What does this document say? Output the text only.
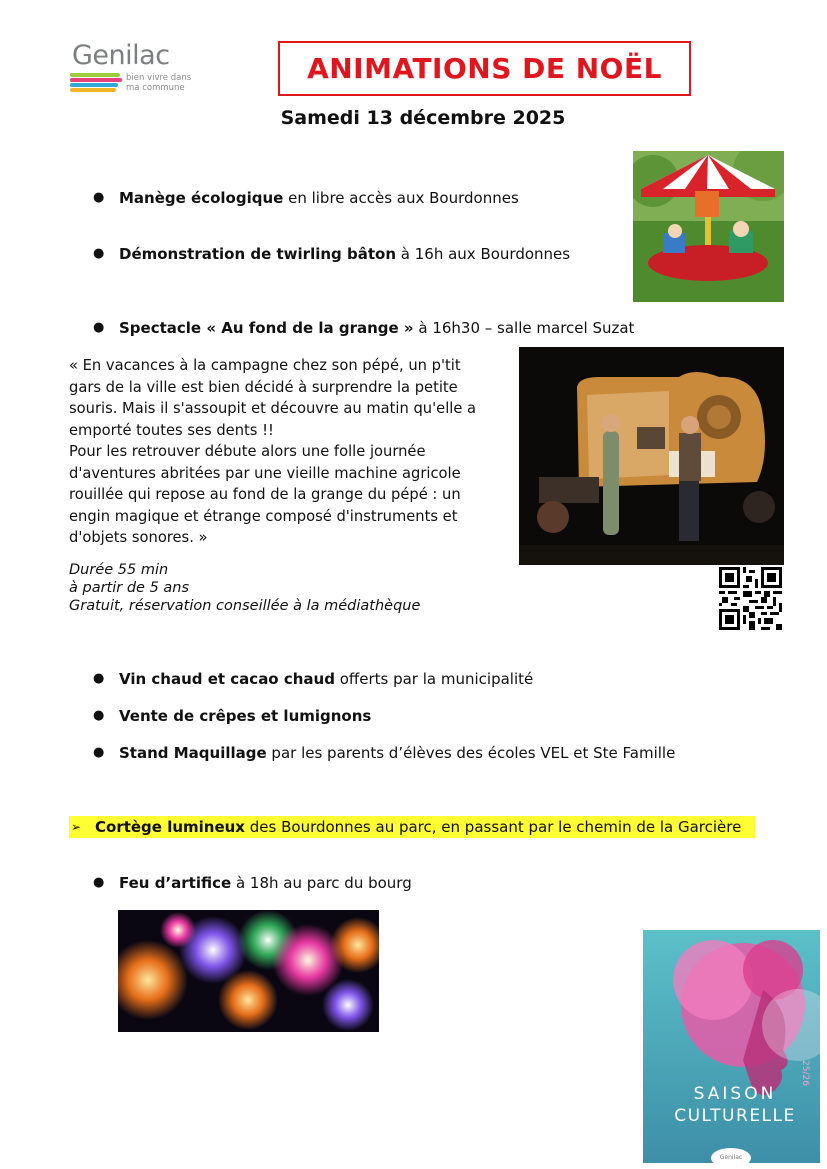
Genilac
bien vivre dans
ma commune
ANIMATIONS DE NOËL
Samedi 13 décembre 2025
● Manège écologique en libre accès aux Bourdonnes
● Démonstration de twirling bâton à 16h aux Bourdonnes
● Spectacle « Au fond de la grange » à 16h30 – salle marcel Suzat
« En vacances à la campagne chez son pépé, un p'tit
gars de la ville est bien décidé à surprendre la petite
souris. Mais il s'assoupit et découvre au matin qu'elle a
emporté toutes ses dents !!
Pour les retrouver débute alors une folle journée
d'aventures abritées par une vieille machine agricole
rouillée qui repose au fond de la grange du pépé : un
engin magique et étrange composé d'instruments et
d'objets sonores. »
Durée 55 min
à partir de 5 ans
Gratuit, réservation conseillée à la médiathèque
● Vin chaud et cacao chaud offerts par la municipalité
● Vente de crêpes et lumignons
● Stand Maquillage par les parents d’élèves des écoles VEL et Ste Famille
➢ Cortège lumineux des Bourdonnes au parc, en passant par le chemin de la Garcière
● Feu d’artifice à 18h au parc du bourg
SAISON
CULTURELLE
25/26
Genilac
